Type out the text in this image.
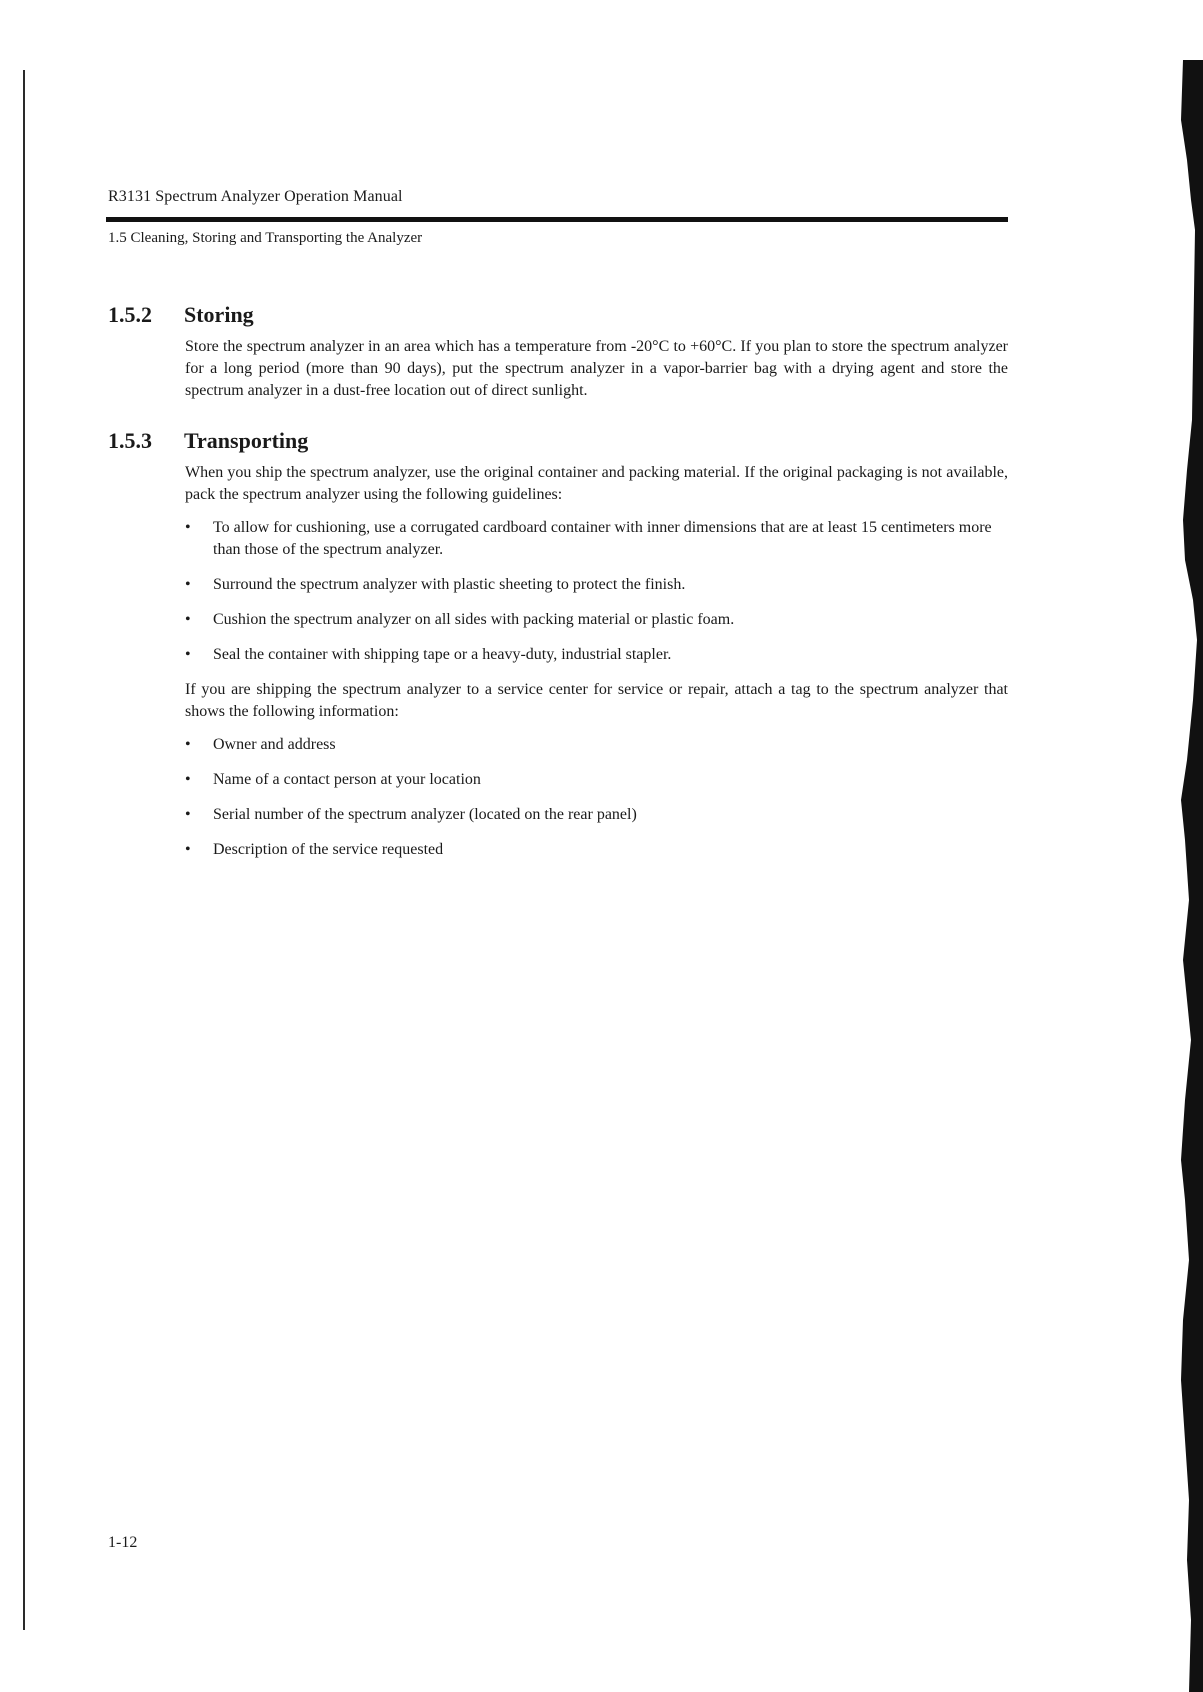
R3131 Spectrum Analyzer Operation Manual
1.5 Cleaning, Storing and Transporting the Analyzer
1.5.2	Storing

Store the spectrum analyzer in an area which has a temperature from -20°C to +60°C. If you plan to store the spectrum analyzer for a long period (more than 90 days), put the spectrum analyzer in a vapor-barrier bag with a drying agent and store the spectrum analyzer in a dust-free location out of direct sunlight.

1.5.3	Transporting

When you ship the spectrum analyzer, use the original container and packing material. If the original packaging is not available, pack the spectrum analyzer using the following guidelines:

• To allow for cushioning, use a corrugated cardboard container with inner dimensions that are at least 15 centimeters more than those of the spectrum analyzer.
• Surround the spectrum analyzer with plastic sheeting to protect the finish.
• Cushion the spectrum analyzer on all sides with packing material or plastic foam.
• Seal the container with shipping tape or a heavy-duty, industrial stapler.

If you are shipping the spectrum analyzer to a service center for service or repair, attach a tag to the spectrum analyzer that shows the following information:

• Owner and address
• Name of a contact person at your location
• Serial number of the spectrum analyzer (located on the rear panel)
• Description of the service requested
1-12
